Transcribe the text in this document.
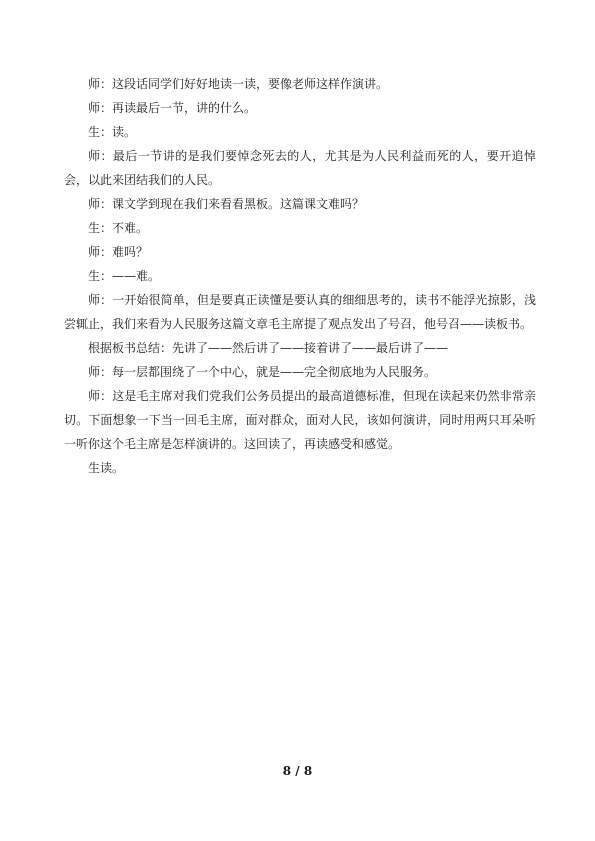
师：这段话同学们好好地读一读，要像老师这样作演讲。

师：再读最后一节，讲的什么。

生：读。

师：最后一节讲的是我们要悼念死去的人，尤其是为人民利益而死的人，要开追悼会，以此来团结我们的人民。

师：课文学到现在我们来看看黑板。这篇课文难吗？

生：不难。

师：难吗？

生：——难。

师：一开始很简单，但是要真正读懂是要认真的细细思考的，读书不能浮光掠影，浅尝辄止，我们来看为人民服务这篇文章毛主席提了观点发出了号召，他号召——读板书。

根据板书总结：先讲了——然后讲了——接着讲了——最后讲了——

师：每一层都围绕了一个中心，就是——完全彻底地为人民服务。

师：这是毛主席对我们党我们公务员提出的最高道德标准，但现在读起来仍然非常亲切。下面想象一下当一回毛主席，面对群众，面对人民，该如何演讲，同时用两只耳朵听一听你这个毛主席是怎样演讲的。这回读了，再读感受和感觉。

生读。

8 / 8
